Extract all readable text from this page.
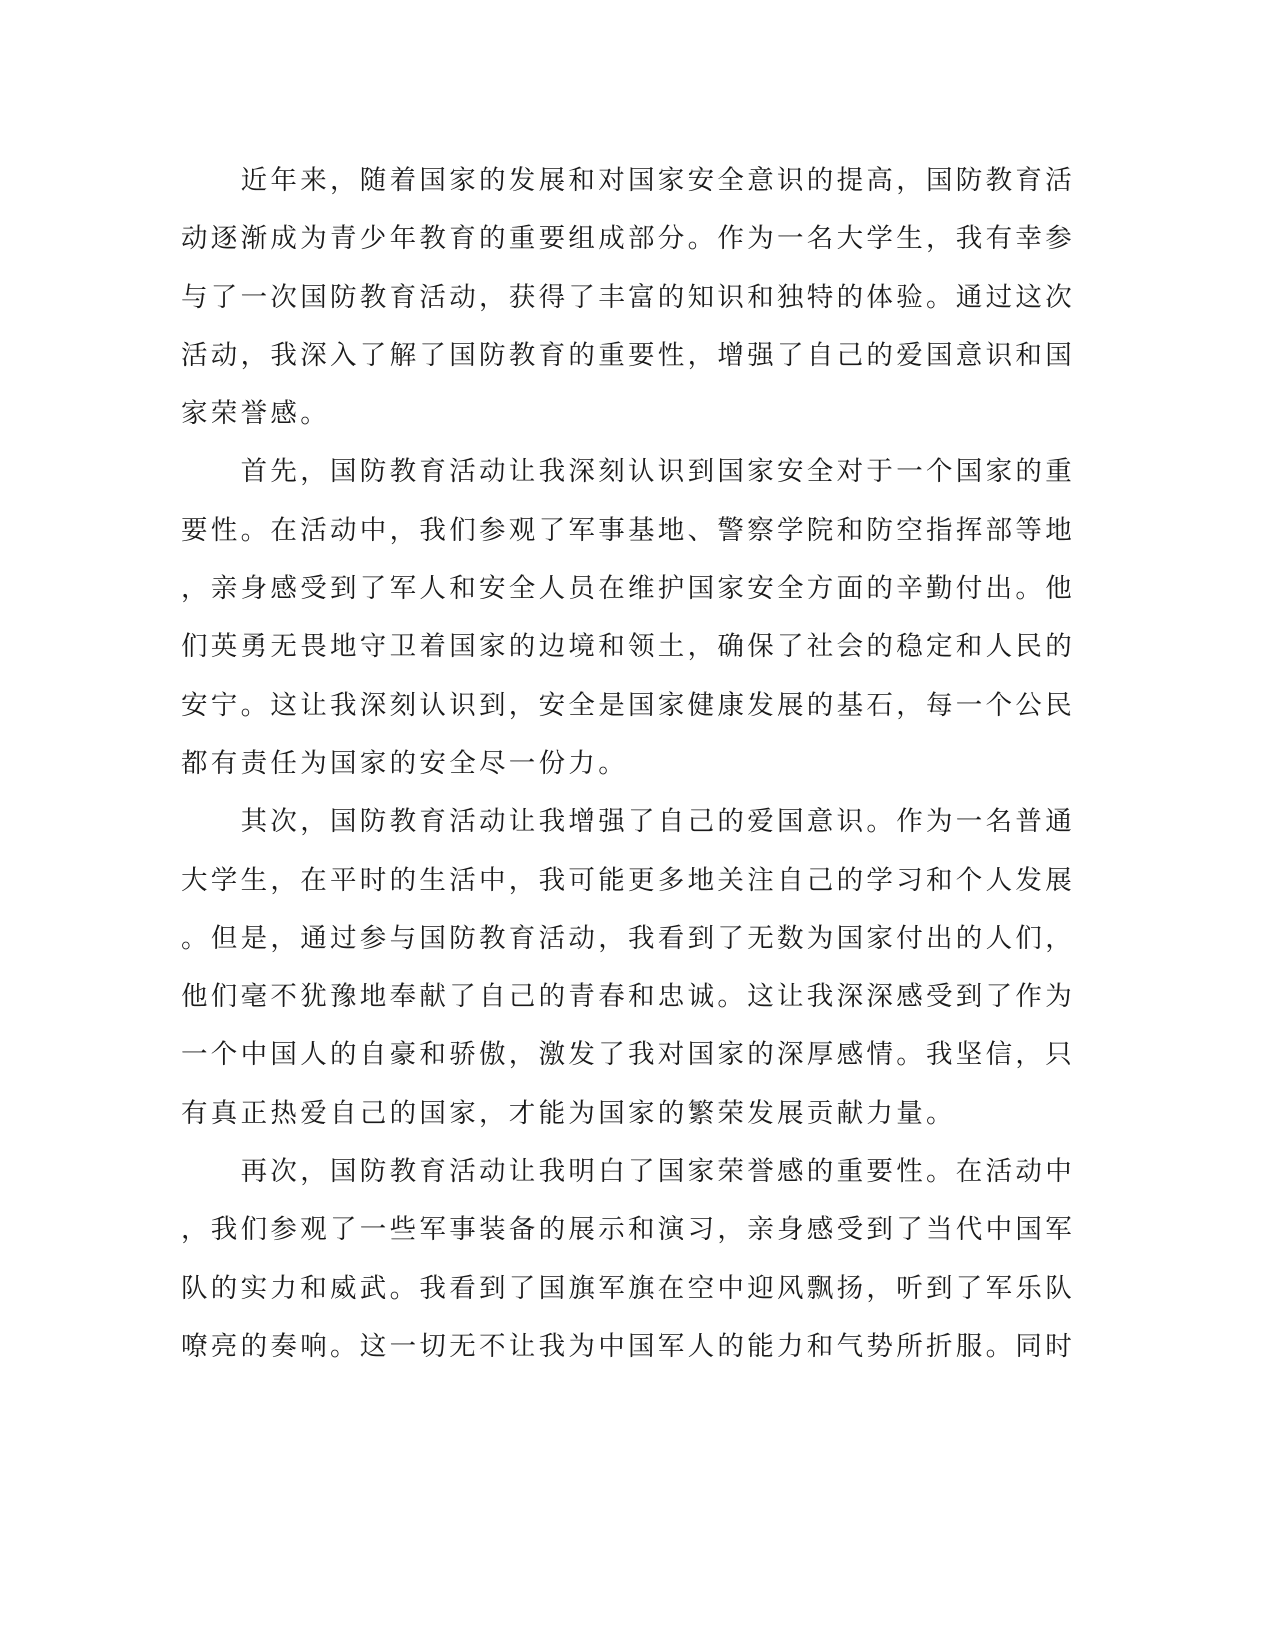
　　近年来，随着国家的发展和对国家安全意识的提高，国防教育活
动逐渐成为青少年教育的重要组成部分。作为一名大学生，我有幸参
与了一次国防教育活动，获得了丰富的知识和独特的体验。通过这次
活动，我深入了解了国防教育的重要性，增强了自己的爱国意识和国
家荣誉感。
　　首先，国防教育活动让我深刻认识到国家安全对于一个国家的重
要性。在活动中，我们参观了军事基地、警察学院和防空指挥部等地
，亲身感受到了军人和安全人员在维护国家安全方面的辛勤付出。他
们英勇无畏地守卫着国家的边境和领土，确保了社会的稳定和人民的
安宁。这让我深刻认识到，安全是国家健康发展的基石，每一个公民
都有责任为国家的安全尽一份力。
　　其次，国防教育活动让我增强了自己的爱国意识。作为一名普通
大学生，在平时的生活中，我可能更多地关注自己的学习和个人发展
。但是，通过参与国防教育活动，我看到了无数为国家付出的人们，
他们毫不犹豫地奉献了自己的青春和忠诚。这让我深深感受到了作为
一个中国人的自豪和骄傲，激发了我对国家的深厚感情。我坚信，只
有真正热爱自己的国家，才能为国家的繁荣发展贡献力量。
　　再次，国防教育活动让我明白了国家荣誉感的重要性。在活动中
，我们参观了一些军事装备的展示和演习，亲身感受到了当代中国军
队的实力和威武。我看到了国旗军旗在空中迎风飘扬，听到了军乐队
嘹亮的奏响。这一切无不让我为中国军人的能力和气势所折服。同时
